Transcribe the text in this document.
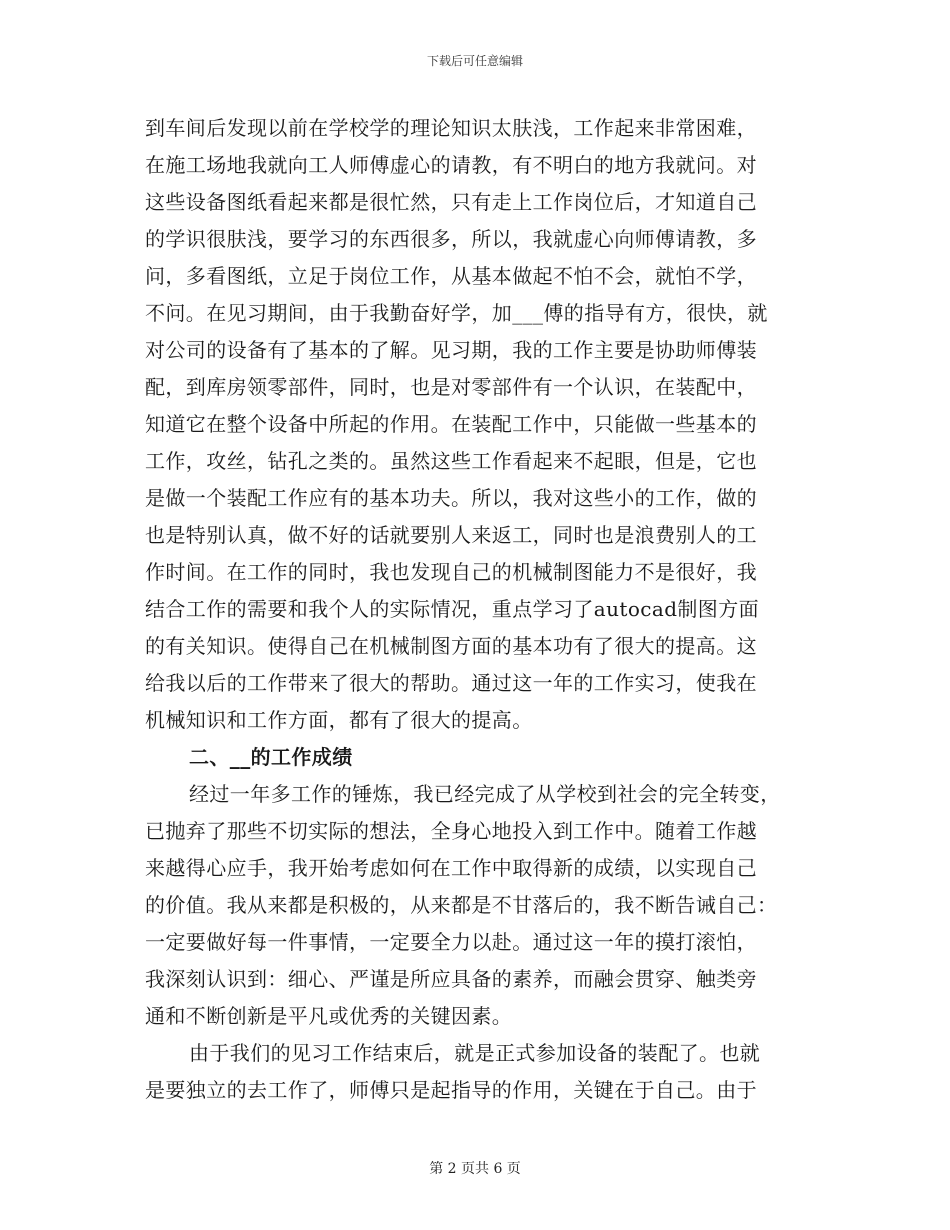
下载后可任意编辑
到车间后发现以前在学校学的理论知识太肤浅，工作起来非常困难，
在施工场地我就向工人师傅虚心的请教，有不明白的地方我就问。对
这些设备图纸看起来都是很忙然，只有走上工作岗位后，才知道自己
的学识很肤浅，要学习的东西很多，所以，我就虚心向师傅请教，多
问，多看图纸，立足于岗位工作，从基本做起不怕不会，就怕不学，
不问。在见习期间，由于我勤奋好学，加___傅的指导有方，很快，就
对公司的设备有了基本的了解。见习期，我的工作主要是协助师傅装
配，到库房领零部件，同时，也是对零部件有一个认识，在装配中，
知道它在整个设备中所起的作用。在装配工作中，只能做一些基本的
工作，攻丝，钻孔之类的。虽然这些工作看起来不起眼，但是，它也
是做一个装配工作应有的基本功夫。所以，我对这些小的工作，做的
也是特别认真，做不好的话就要别人来返工，同时也是浪费别人的工
作时间。在工作的同时，我也发现自己的机械制图能力不是很好，我
结合工作的需要和我个人的实际情况，重点学习了autocad制图方面
的有关知识。使得自己在机械制图方面的基本功有了很大的提高。这
给我以后的工作带来了很大的帮助。通过这一年的工作实习，使我在
机械知识和工作方面，都有了很大的提高。
二、__的工作成绩
经过一年多工作的锤炼，我已经完成了从学校到社会的完全转变，
已抛弃了那些不切实际的想法，全身心地投入到工作中。随着工作越
来越得心应手，我开始考虑如何在工作中取得新的成绩，以实现自己
的价值。我从来都是积极的，从来都是不甘落后的，我不断告诫自己：
一定要做好每一件事情，一定要全力以赴。通过这一年的摸打滚怕，
我深刻认识到：细心、严谨是所应具备的素养，而融会贯穿、触类旁
通和不断创新是平凡或优秀的关键因素。
由于我们的见习工作结束后，就是正式参加设备的装配了。也就
是要独立的去工作了，师傅只是起指导的作用，关键在于自己。由于
第 2 页共 6 页
